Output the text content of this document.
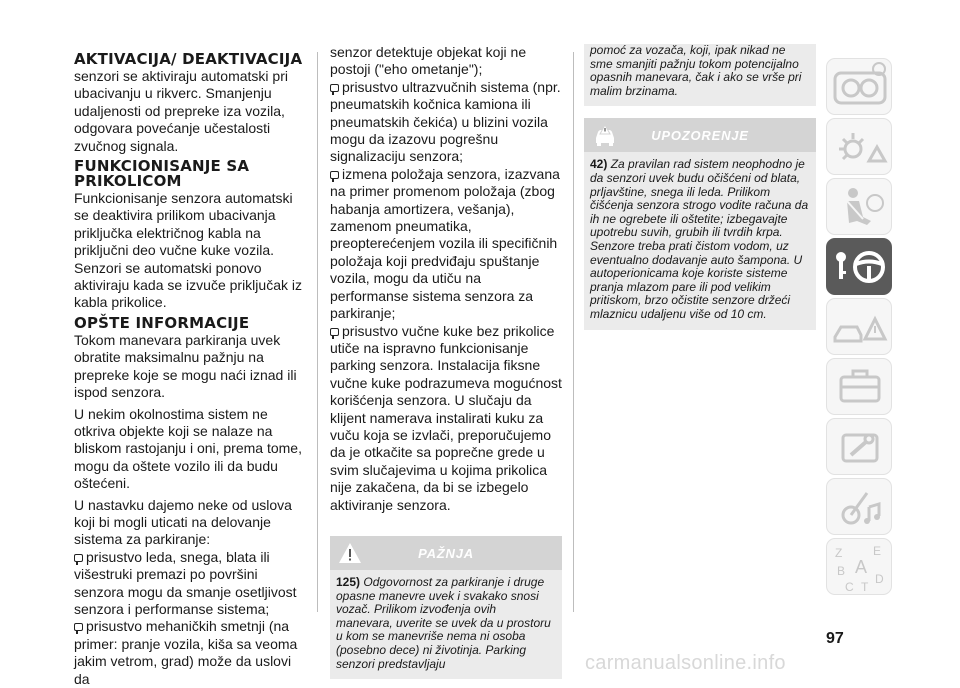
AKTIVACIJA/ DEAKTIVACIJA

senzori se aktiviraju automatski pri ubacivanju u rikverc. Smanjenju udaljenosti od prepreke iza vozila, odgovara povećanje učestalosti zvučnog signala.

FUNKCIONISANJE SA PRIKOLICOM

Funkcionisanje senzora automatski se deaktivira prilikom ubacivanja priključka električnog kabla na priključni deo vučne kuke vozila. Senzori se automatski ponovo aktiviraju kada se izvuče priključak iz kabla prikolice.

OPŠTE INFORMACIJE

Tokom manevara parkiranja uvek obratite maksimalnu pažnju na prepreke koje se mogu naći iznad ili ispod senzora.

U nekim okolnostima sistem ne otkriva objekte koji se nalaze na bliskom rastojanju i oni, prema tome, mogu da oštete vozilo ili da budu oštećeni.

U nastavku dajemo neke od uslova koji bi mogli uticati na delovanje sistema za parkiranje:

prisustvo leda, snega, blata ili višestruki premazi po površini senzora mogu da smanje osetljivost senzora i performanse sistema;

prisustvo mehaničkih smetnji (na primer: pranje vozila, kiša sa veoma jakim vetrom, grad) može da uslovi da

senzor detektuje objekat koji ne postoji ("eho ometanje");

prisustvo ultrazvučnih sistema (npr. pneumatskih kočnica kamiona ili pneumatskih čekića) u blizini vozila mogu da izazovu pogrešnu signalizaciju senzora;

izmena položaja senzora, izazvana na primer promenom položaja (zbog habanja amortizera, vešanja), zamenom pneumatika, preopterećenjem vozila ili specifičnih položaja koji predviđaju spuštanje vozila, mogu da utiču na performanse sistema senzora za parkiranje;

prisustvo vučne kuke bez prikolice utiče na ispravno funkcionisanje parking senzora. Instalacija fiksne vučne kuke podrazumeva mogućnost korišćenja senzora. U slučaju da klijent namerava instalirati kuku za vuču koja se izvlači, preporučujemo da je otkačite sa poprečne grede u svim slučajevima u kojima prikolica nije zakačena, da bi se izbegelo aktiviranje senzora.

PAŽNJA
125) Odgovornost za parkiranje i druge opasne manevre uvek i svakako snosi vozač. Prilikom izvođenja ovih manevara, uverite se uvek da u prostoru u kom se manevriše nema ni osoba (posebno dece) ni životinja. Parking senzori predstavljaju
pomoć za vozača, koji, ipak nikad ne sme smanjiti pažnju tokom potencijalno opasnih manevara, čak i ako se vrše pri malim brzinama.
UPOZORENJE
42) Za pravilan rad sistem neophodno je da senzori uvek budu očišćeni od blata, prljavštine, snega ili leda. Prilikom čišćenja senzora strogo vodite računa da ih ne ogrebete ili oštetite; izbegavajte upotrebu suvih, grubih ili tvrdih krpa. Senzore treba prati čistom vodom, uz eventualno dodavanje auto šampona. U autoperionicama koje koriste sisteme pranja mlazom pare ili pod velikim pritiskom, brzo očistite senzore držeći mlaznicu udaljenu više od 10 cm.
Z	E
B A
C T
D
97
carmanualsonline.info
